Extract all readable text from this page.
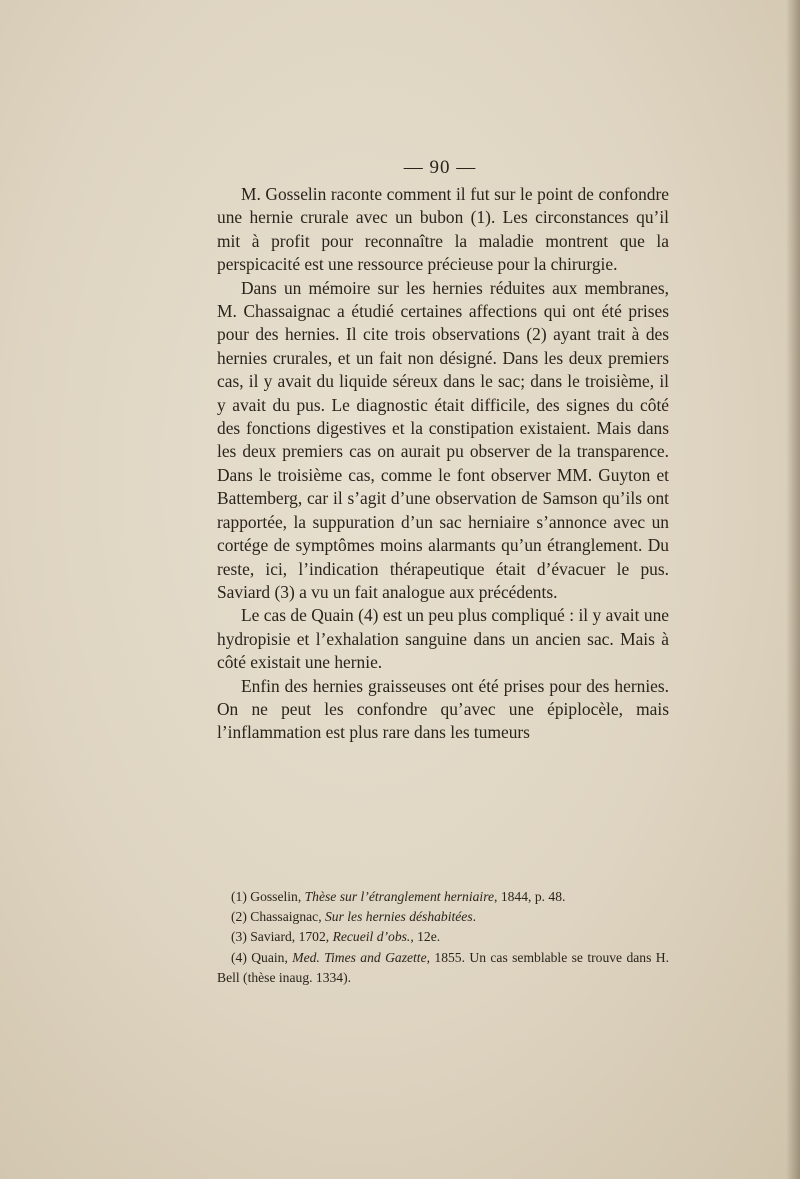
— 90 —

M. Gosselin raconte comment il fut sur le point de confondre une hernie crurale avec un bubon (1). Les circonstances qu’il mit à profit pour reconnaître la maladie montrent que la perspicacité est une ressource précieuse pour la chirurgie.

Dans un mémoire sur les hernies réduites aux membranes, M. Chassaignac a étudié certaines affections qui ont été prises pour des hernies. Il cite trois observations (2) ayant trait à des hernies crurales, et un fait non désigné. Dans les deux premiers cas, il y avait du liquide séreux dans le sac; dans le troisième, il y avait du pus. Le diagnostic était difficile, des signes du côté des fonctions digestives et la constipation existaient. Mais dans les deux premiers cas on aurait pu observer de la transparence. Dans le troisième cas, comme le font observer MM. Guyton et Battemberg, car il s’agit d’une observation de Samson qu’ils ont rapportée, la suppuration d’un sac herniaire s’annonce avec un cortége de symptômes moins alarmants qu’un étranglement. Du reste, ici, l’indication thérapeutique était d’évacuer le pus. Saviard (3) a vu un fait analogue aux précédents.

Le cas de Quain (4) est un peu plus compliqué : il y avait une hydropisie et l’exhalation sanguine dans un ancien sac. Mais à côté existait une hernie.

Enfin des hernies graisseuses ont été prises pour des hernies. On ne peut les confondre qu’avec une épiplocèle, mais l’inflammation est plus rare dans les tumeurs

(1) Gosselin, Thèse sur l’étranglement herniaire, 1844, p. 48.

(2) Chassaignac, Sur les hernies déshabitées.

(3) Saviard, 1702, Recueil d’obs., 12e.

(4) Quain, Med. Times and Gazette, 1855. Un cas semblable se trouve dans H. Bell (thèse inaug. 1334).
